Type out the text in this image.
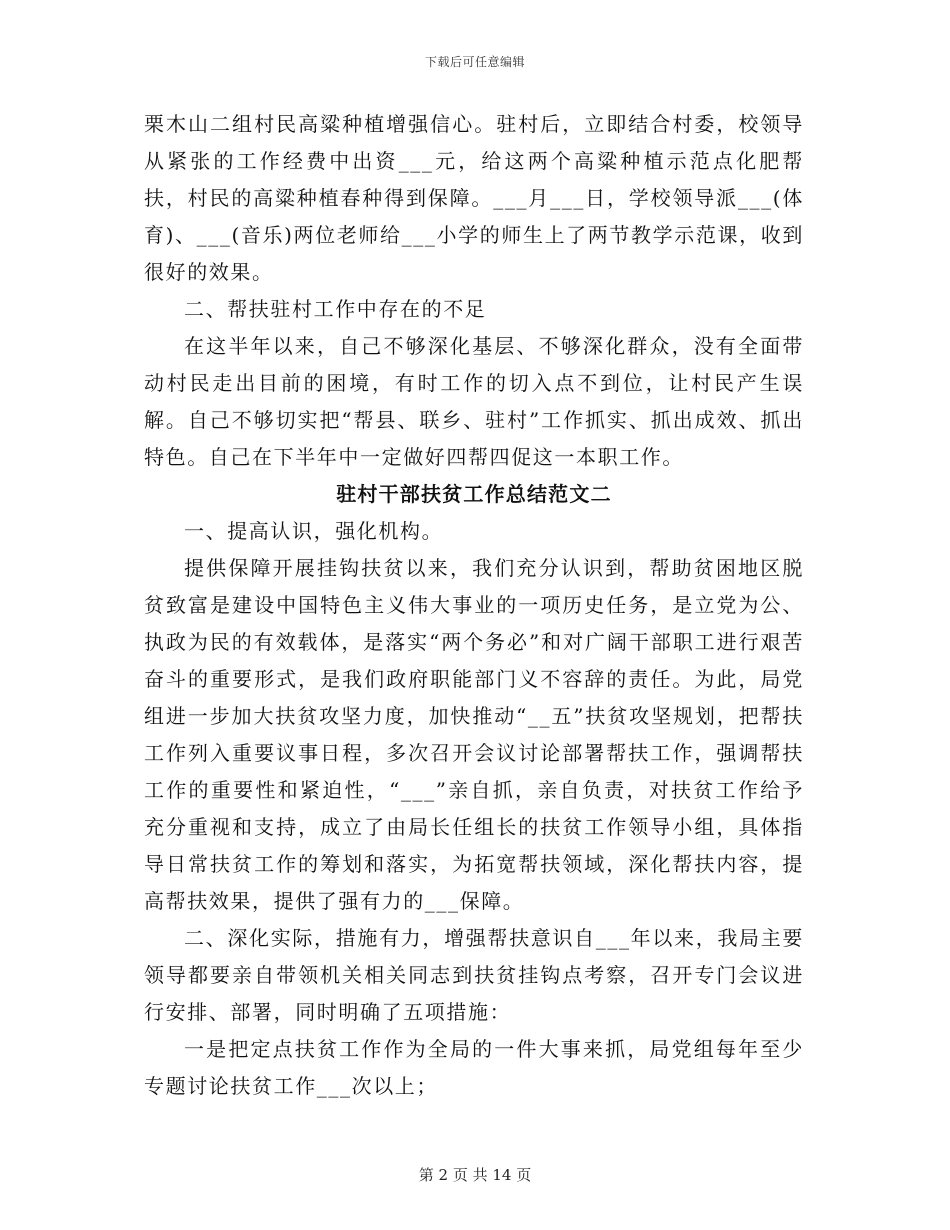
下载后可任意编辑

栗木山二组村民高粱种植增强信心。驻村后，立即结合村委，校领导从紧张的工作经费中出资___元，给这两个高粱种植示范点化肥帮扶，村民的高粱种植春种得到保障。___月___日，学校领导派___(体育)、___(音乐)两位老师给___小学的师生上了两节教学示范课，收到很好的效果。

二、帮扶驻村工作中存在的不足

在这半年以来，自己不够深化基层、不够深化群众，没有全面带动村民走出目前的困境，有时工作的切入点不到位，让村民产生误解。自己不够切实把“帮县、联乡、驻村”工作抓实、抓出成效、抓出特色。自己在下半年中一定做好四帮四促这一本职工作。

驻村干部扶贫工作总结范文二

一、提高认识，强化机构。

提供保障开展挂钩扶贫以来，我们充分认识到，帮助贫困地区脱贫致富是建设中国特色主义伟大事业的一项历史任务，是立党为公、执政为民的有效载体，是落实“两个务必”和对广阔干部职工进行艰苦奋斗的重要形式，是我们政府职能部门义不容辞的责任。为此，局党组进一步加大扶贫攻坚力度，加快推动“__五”扶贫攻坚规划，把帮扶工作列入重要议事日程，多次召开会议讨论部署帮扶工作，强调帮扶工作的重要性和紧迫性，“___”亲自抓，亲自负责，对扶贫工作给予充分重视和支持，成立了由局长任组长的扶贫工作领导小组，具体指导日常扶贫工作的筹划和落实，为拓宽帮扶领域，深化帮扶内容，提高帮扶效果，提供了强有力的___保障。

二、深化实际，措施有力，增强帮扶意识自___年以来，我局主要领导都要亲自带领机关相关同志到扶贫挂钩点考察，召开专门会议进行安排、部署，同时明确了五项措施：

一是把定点扶贫工作作为全局的一件大事来抓，局党组每年至少专题讨论扶贫工作___次以上；

第 2 页 共 14 页
